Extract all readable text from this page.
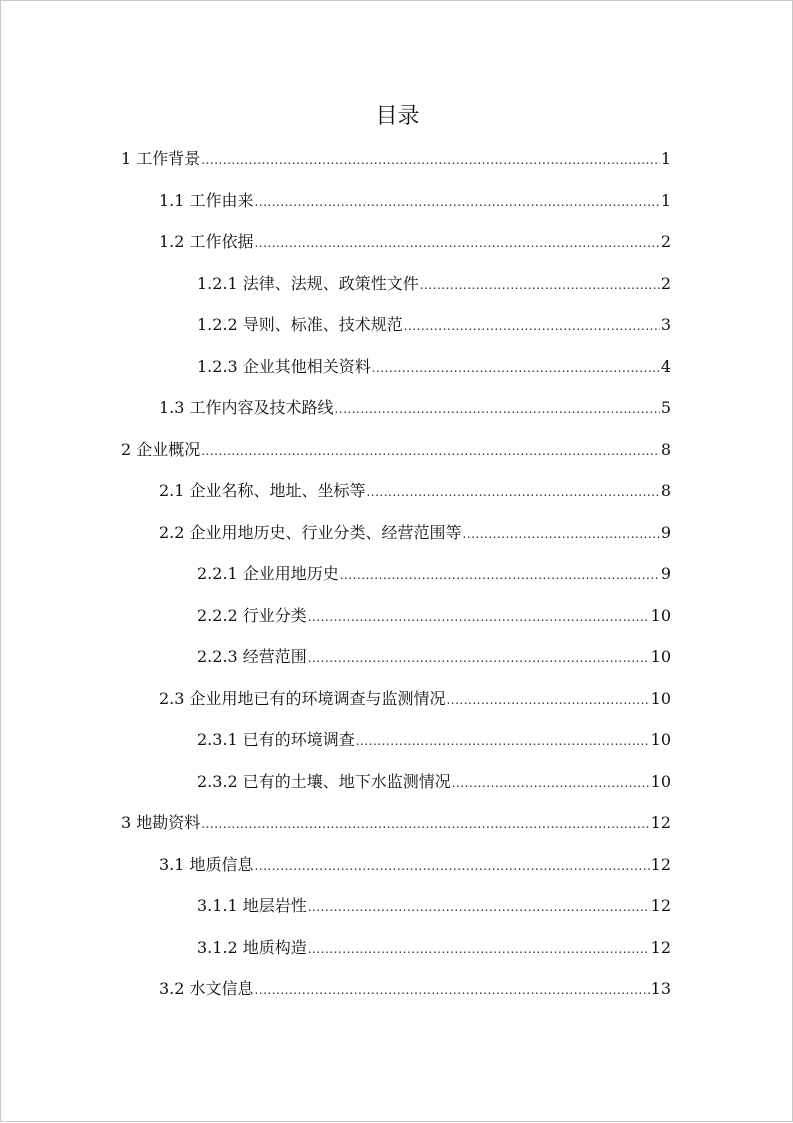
目录
1 工作背景 .....	1
1.1 工作由来 .....	1
1.2 工作依据 .....	2
1.2.1 法律、法规、政策性文件 .....	2
1.2.2 导则、标准、技术规范 .....	3
1.2.3 企业其他相关资料 .....	4
1.3 工作内容及技术路线 .....	5
2 企业概况 .....	8
2.1 企业名称、地址、坐标等 .....	8
2.2 企业用地历史、行业分类、经营范围等 .....	9
2.2.1 企业用地历史 .....	9
2.2.2 行业分类 .....	10
2.2.3 经营范围 .....	10
2.3 企业用地已有的环境调查与监测情况 .....	10
2.3.1 已有的环境调查 .....	10
2.3.2 已有的土壤、地下水监测情况 .....	10
3 地勘资料 .....	12
3.1 地质信息 .....	12
3.1.1 地层岩性 .....	12
3.1.2 地质构造 .....	12
3.2 水文信息 .....	13
